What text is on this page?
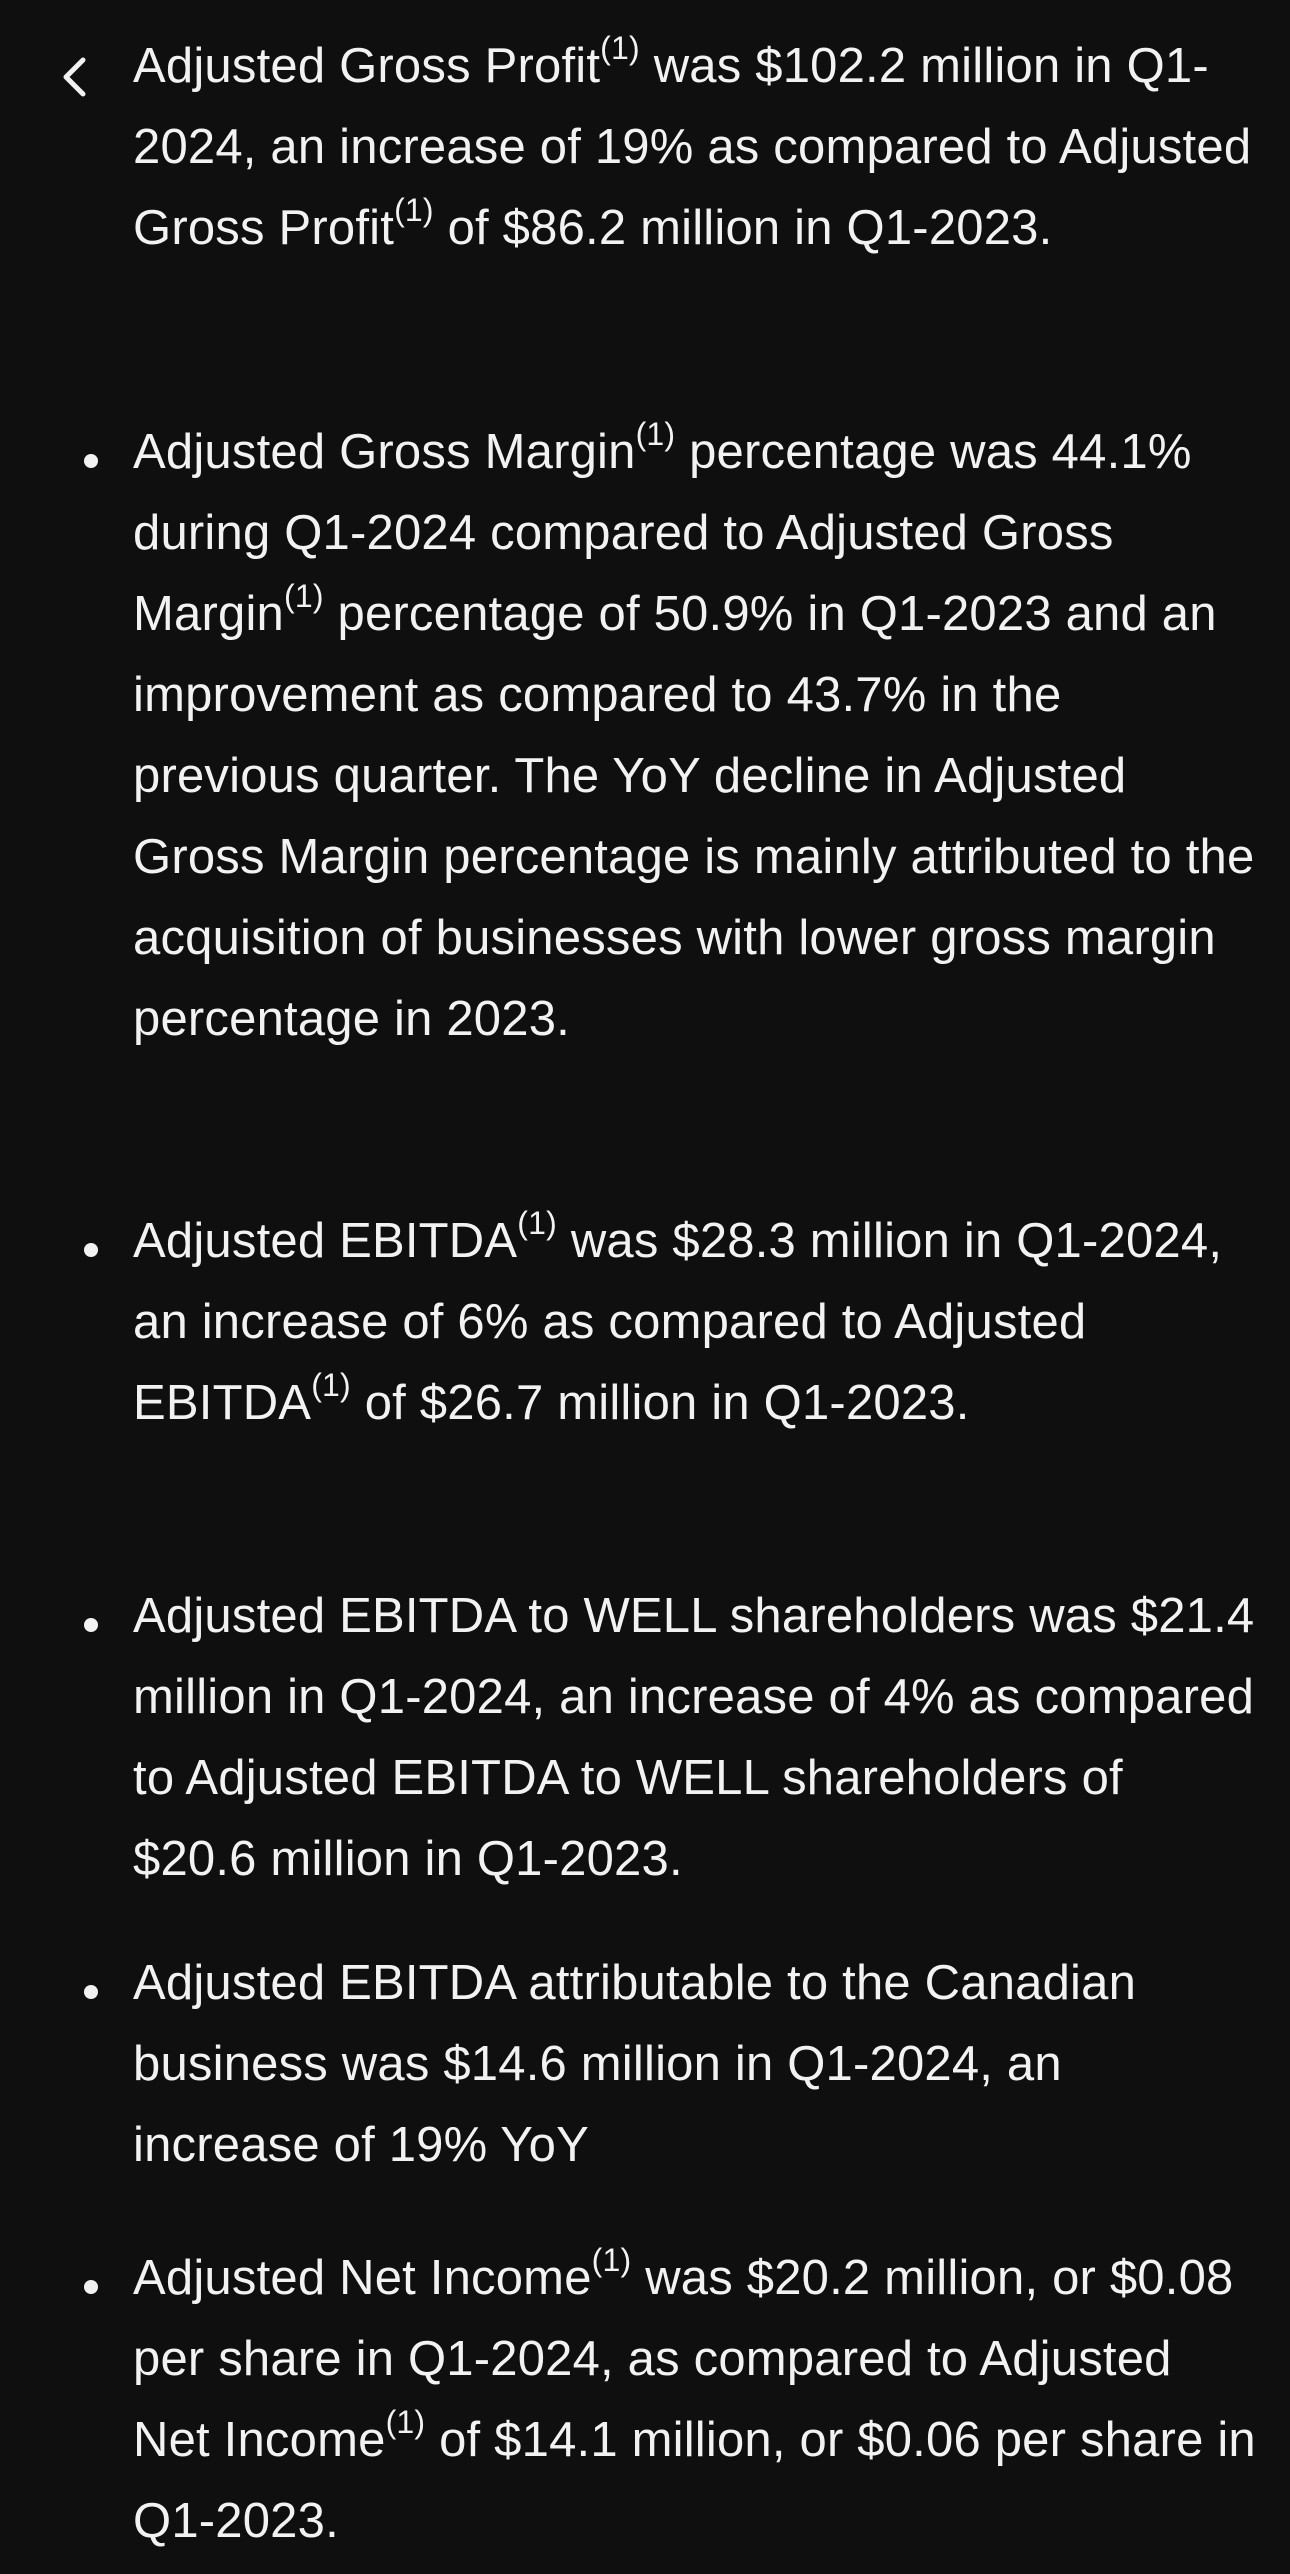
Adjusted Gross Profit$^{(1)}$ was $102.2 million in Q1-2024, an increase of 19% as compared to Adjusted Gross Profit$^{(1)}$ of $86.2 million in Q1-2023.
Adjusted Gross Margin$^{(1)}$ percentage was 44.1% during Q1-2024 compared to Adjusted Gross Margin$^{(1)}$ percentage of 50.9% in Q1-2023 and an improvement as compared to 43.7% in the previous quarter. The YoY decline in Adjusted Gross Margin percentage is mainly attributed to the acquisition of businesses with lower gross margin percentage in 2023.
Adjusted EBITDA$^{(1)}$ was $28.3 million in Q1-2024, an increase of 6% as compared to Adjusted EBITDA$^{(1)}$ of $26.7 million in Q1-2023.
Adjusted EBITDA to WELL shareholders was $21.4 million in Q1-2024, an increase of 4% as compared to Adjusted EBITDA to WELL shareholders of $20.6 million in Q1-2023.
Adjusted EBITDA attributable to the Canadian business was $14.6 million in Q1-2024, an increase of 19% YoY
Adjusted Net Income$^{(1)}$ was $20.2 million, or $0.08 per share in Q1-2024, as compared to Adjusted Net Income$^{(1)}$ of $14.1 million, or $0.06 per share in Q1-2023.
